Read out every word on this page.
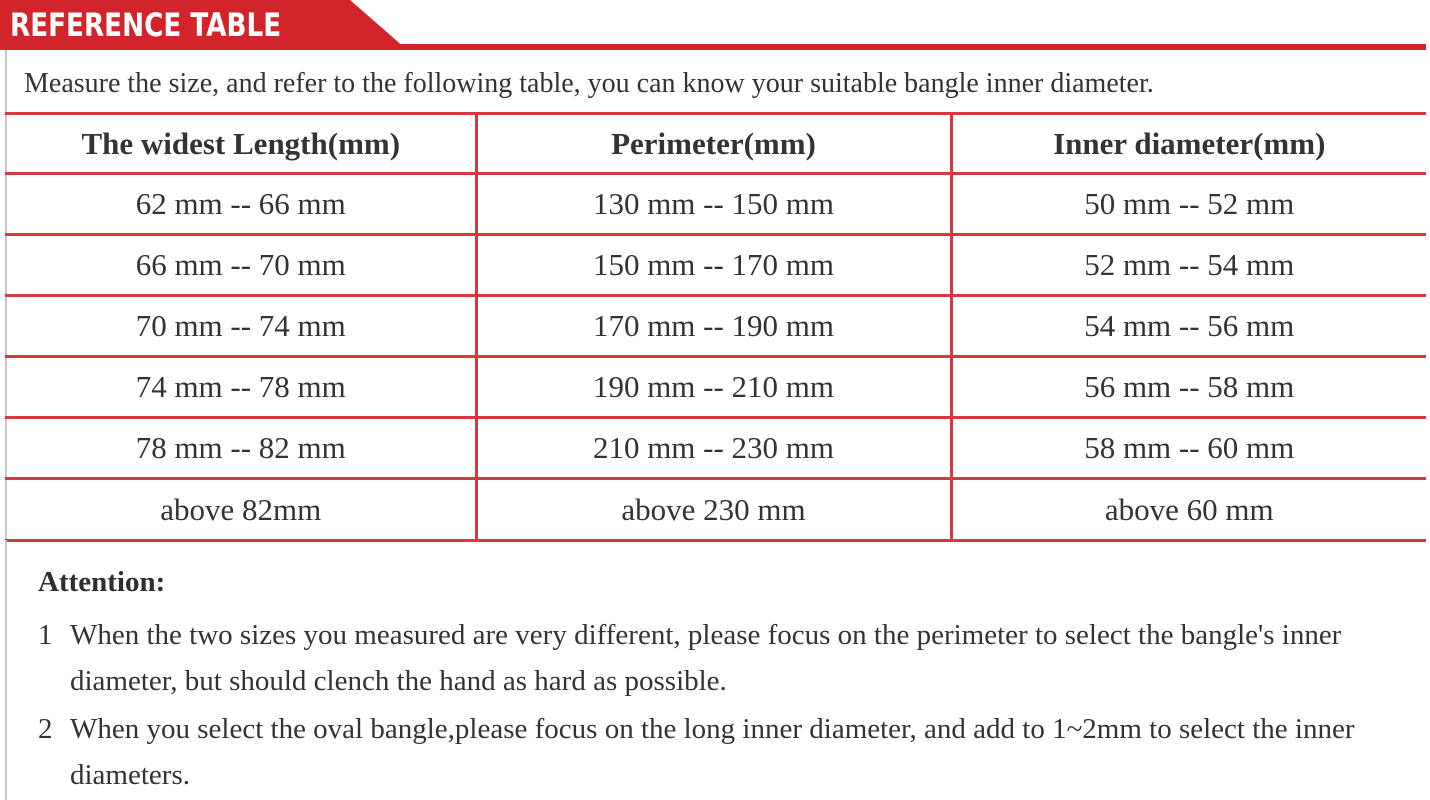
REFERENCE TABLE
Measure the size, and refer to the following table, you can know your suitable bangle inner diameter.
The widest Length(mm)	Perimeter(mm)	Inner diameter(mm)
62 mm -- 66 mm	130 mm -- 150 mm	50 mm -- 52 mm
66 mm -- 70 mm	150 mm -- 170 mm	52 mm -- 54 mm
70 mm -- 74 mm	170 mm -- 190 mm	54 mm -- 56 mm
74 mm -- 78 mm	190 mm -- 210 mm	56 mm -- 58 mm
78 mm -- 82 mm	210 mm -- 230 mm	58 mm -- 60 mm
above 82mm	above 230 mm	above 60 mm
Attention:
1 When the two sizes you measured are very different, please focus on the perimeter to select the bangle's inner diameter, but should clench the hand as hard as possible.
2 When you select the oval bangle,please focus on the long inner diameter, and add to 1~2mm to select the inner diameters.
